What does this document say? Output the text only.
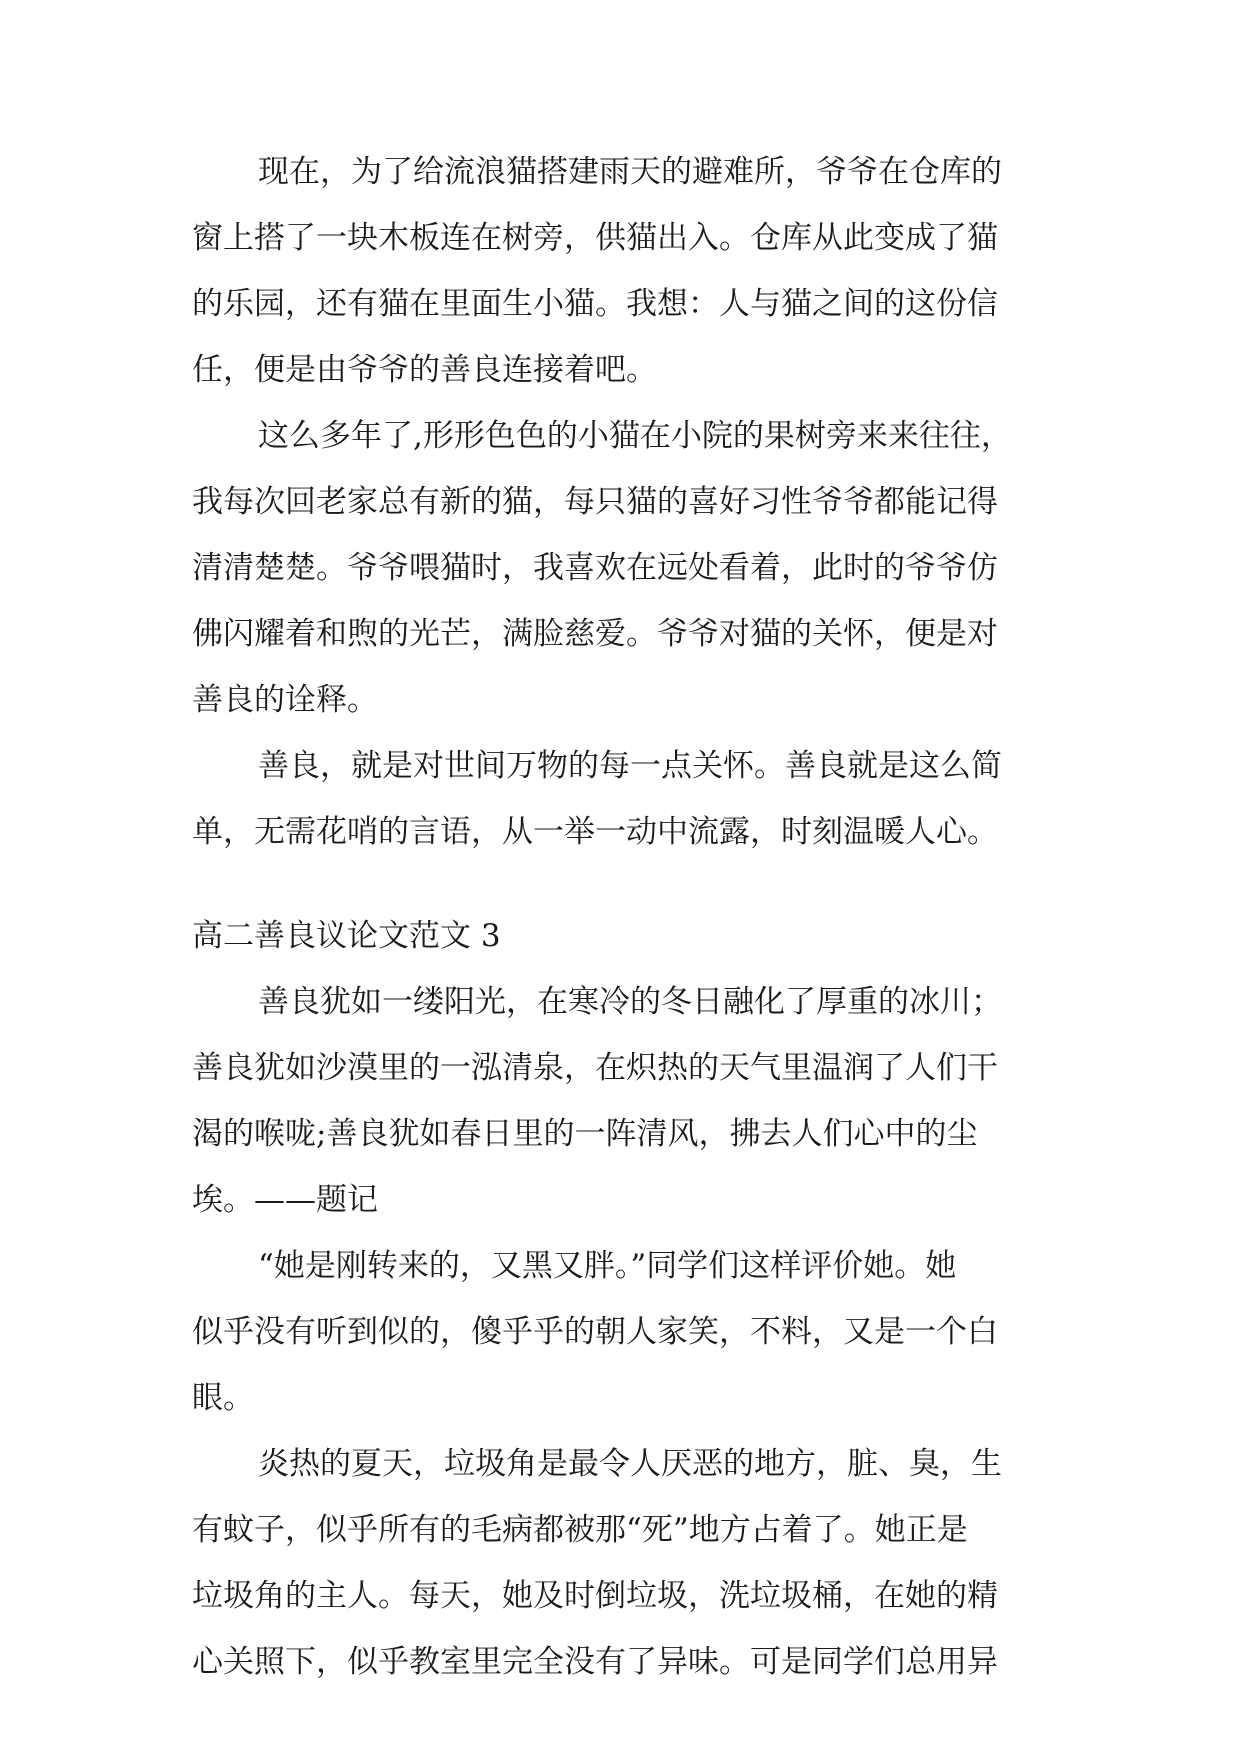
现在，为了给流浪猫搭建雨天的避难所，爷爷在仓库的
窗上搭了一块木板连在树旁，供猫出入。仓库从此变成了猫
的乐园，还有猫在里面生小猫。我想：人与猫之间的这份信
任，便是由爷爷的善良连接着吧。
这么多年了,形形色色的小猫在小院的果树旁来来往往，
我每次回老家总有新的猫，每只猫的喜好习性爷爷都能记得
清清楚楚。爷爷喂猫时，我喜欢在远处看着，此时的爷爷仿
佛闪耀着和煦的光芒，满脸慈爱。爷爷对猫的关怀，便是对
善良的诠释。
善良，就是对世间万物的每一点关怀。善良就是这么简
单，无需花哨的言语，从一举一动中流露，时刻温暖人心。
高二善良议论文范文 3
善良犹如一缕阳光，在寒冷的冬日融化了厚重的冰川；
善良犹如沙漠里的一泓清泉，在炽热的天气里温润了人们干
渴的喉咙;善良犹如春日里的一阵清风，拂去人们心中的尘
埃。——题记
“她是刚转来的，又黑又胖。”同学们这样评价她。她
似乎没有听到似的，傻乎乎的朝人家笑，不料，又是一个白
眼。
炎热的夏天，垃圾角是最令人厌恶的地方，脏、臭，生
有蚊子，似乎所有的毛病都被那“死”地方占着了。她正是
垃圾角的主人。每天，她及时倒垃圾，洗垃圾桶，在她的精
心关照下，似乎教室里完全没有了异味。可是同学们总用异
